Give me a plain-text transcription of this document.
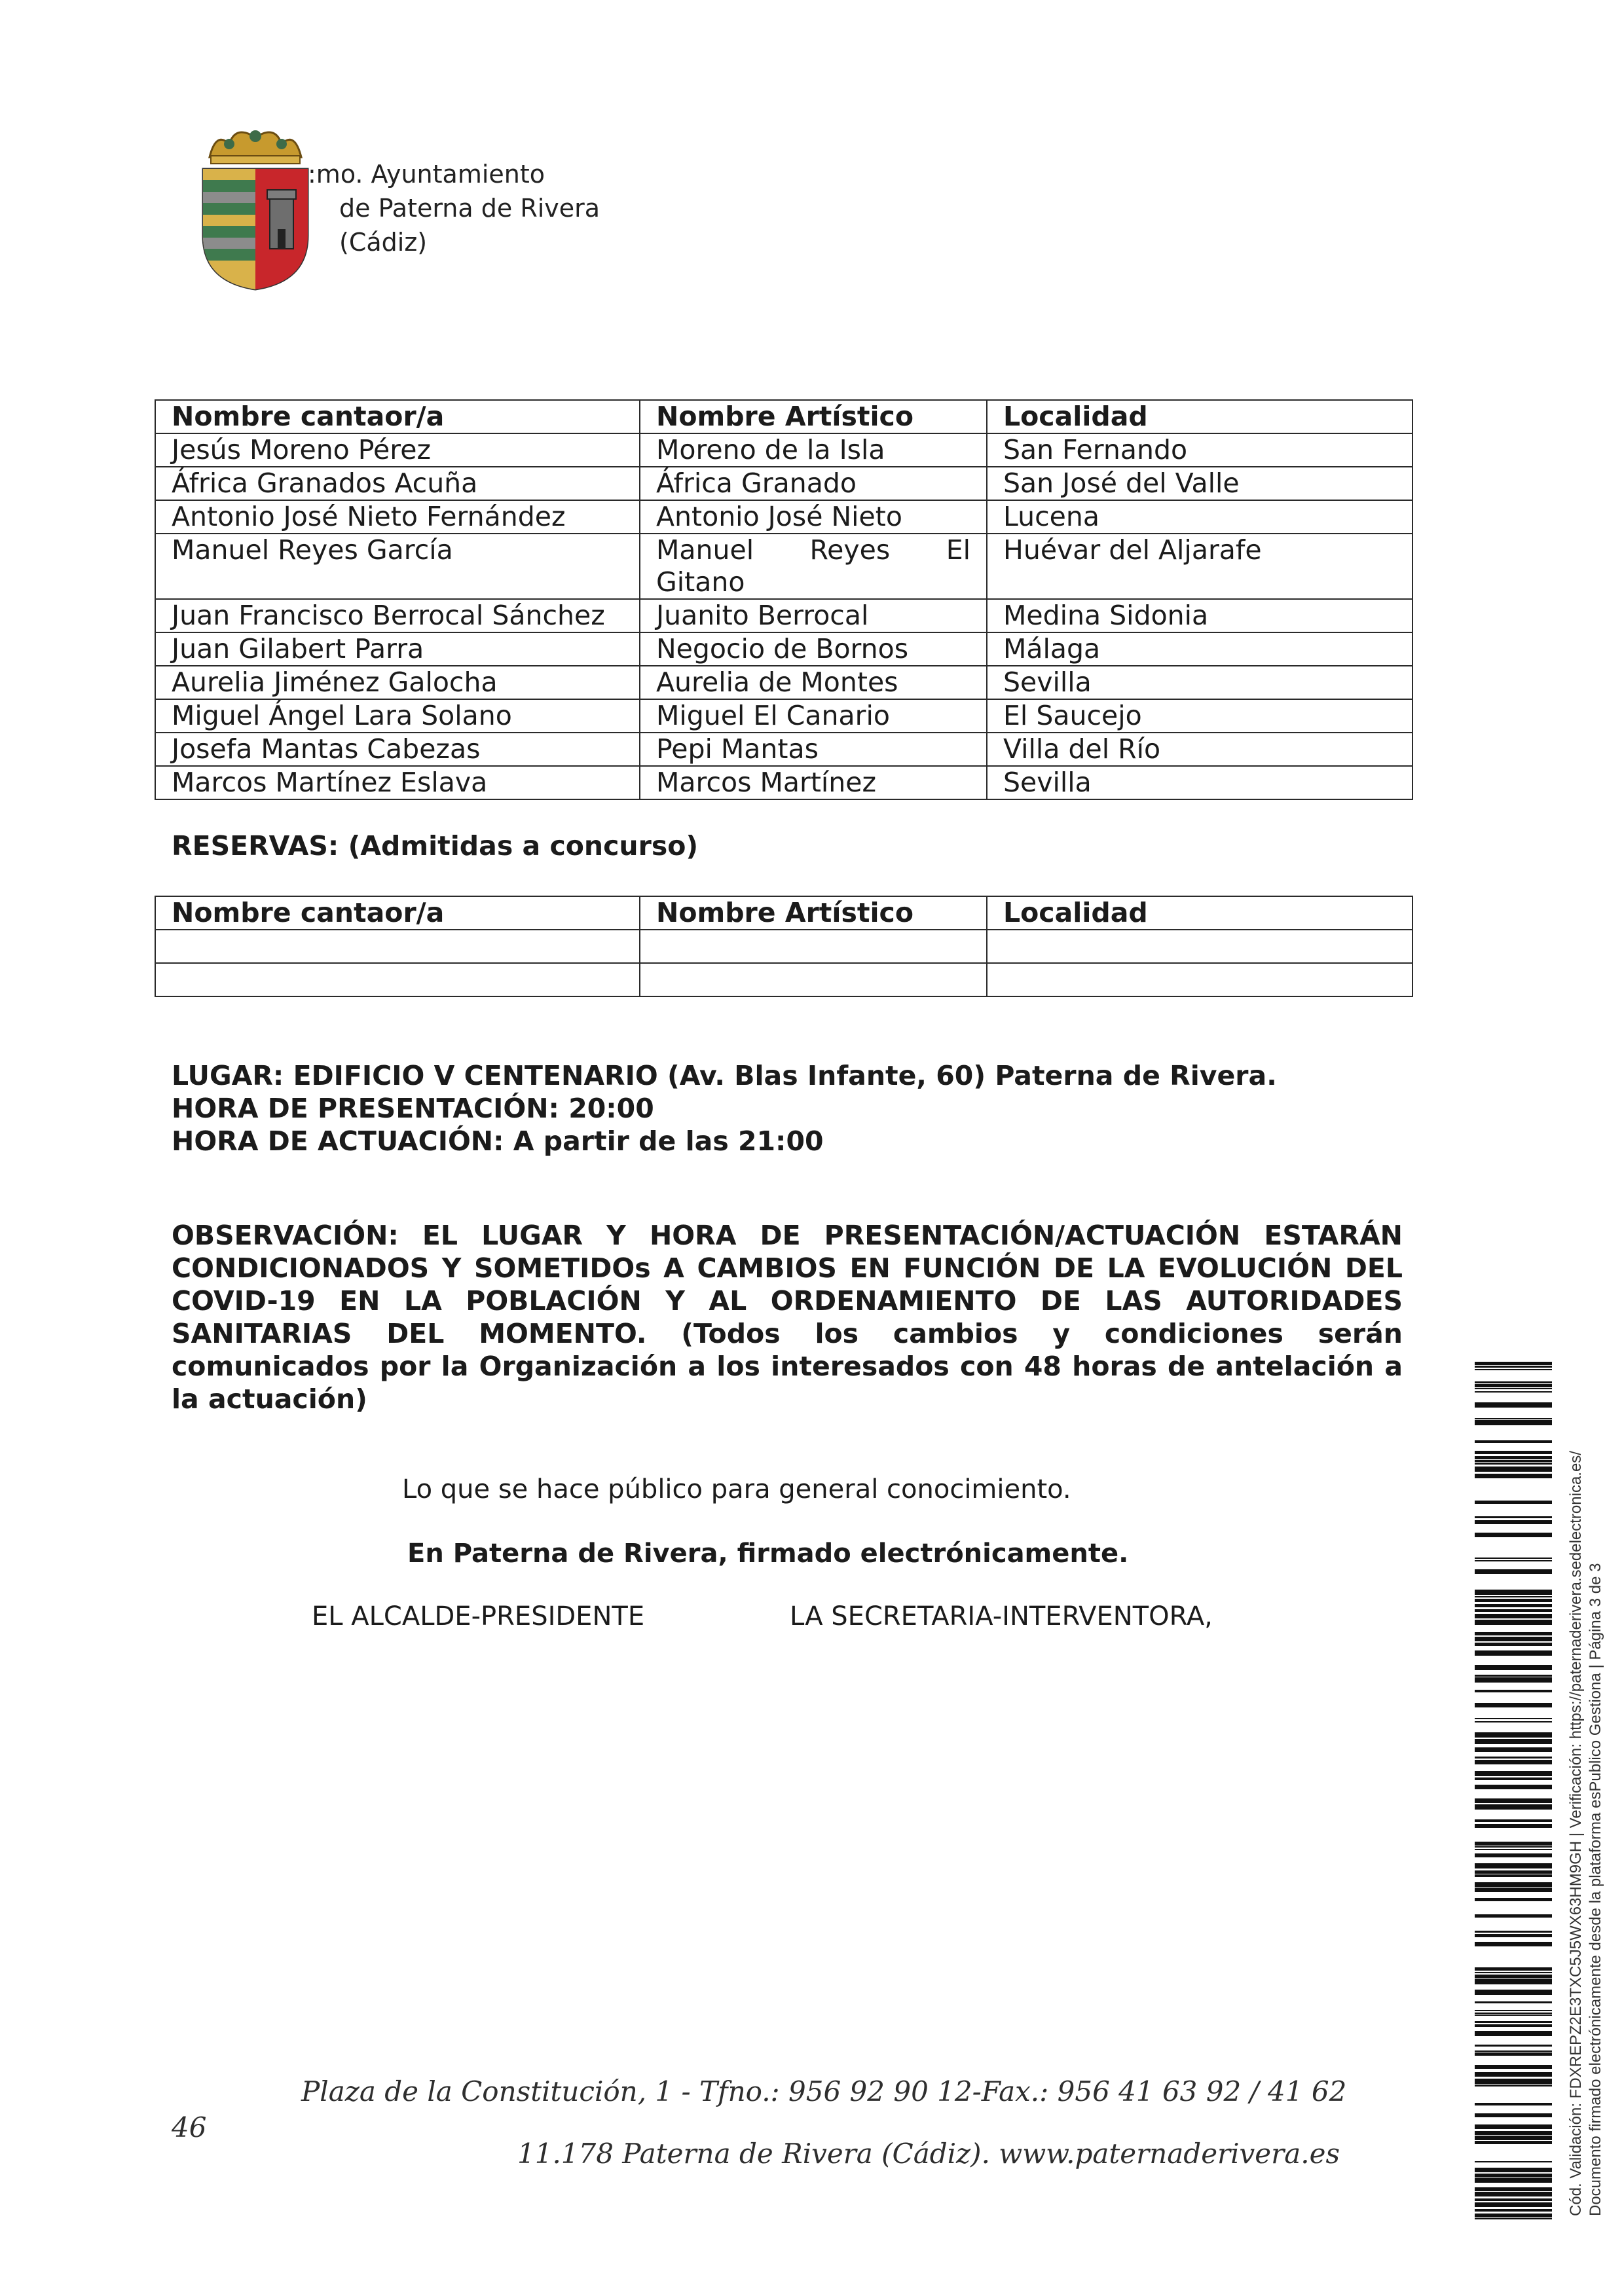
:mo. Ayuntamiento
de Paterna de Rivera
(Cádiz)
Nombre cantaor/a	Nombre Artístico	Localidad
Jesús Moreno Pérez	Moreno de la Isla	San Fernando
África Granados Acuña	África Granado	San José del Valle
Antonio José Nieto Fernández	Antonio José Nieto	Lucena
Manuel Reyes García	Manuel Reyes El Gitano	Huévar del Aljarafe
Juan Francisco Berrocal Sánchez	Juanito Berrocal	Medina Sidonia
Juan Gilabert Parra	Negocio de Bornos	Málaga
Aurelia Jiménez Galocha	Aurelia de Montes	Sevilla
Miguel Ángel Lara Solano	Miguel El Canario	El Saucejo
Josefa Mantas Cabezas	Pepi Mantas	Villa del Río
Marcos Martínez Eslava	Marcos Martínez	Sevilla
RESERVAS: (Admitidas a concurso)
Nombre cantaor/a	Nombre Artístico	Localidad

LUGAR: EDIFICIO V CENTENARIO (Av. Blas Infante, 60) Paterna de Rivera.
HORA DE PRESENTACIÓN: 20:00
HORA DE ACTUACIÓN: A partir de las 21:00
OBSERVACIÓN: EL LUGAR Y HORA DE PRESENTACIÓN/ACTUACIÓN ESTARÁN CONDICIONADOS Y SOMETIDOs A CAMBIOS EN FUNCIÓN DE LA EVOLUCIÓN DEL COVID-19 EN LA POBLACIÓN Y AL ORDENAMIENTO DE LAS AUTORIDADES SANITARIAS DEL MOMENTO. (Todos los cambios y condiciones serán comunicados por la Organización a los interesados con 48 horas de antelación a la actuación)
Lo que se hace público para general conocimiento.
En Paterna de Rivera, firmado electrónicamente.
EL ALCALDE-PRESIDENTE	LA SECRETARIA-INTERVENTORA,
46
Plaza de la Constitución, 1 - Tfno.: 956 92 90 12-Fax.: 956 41 63 92 / 41 62
11.178 Paterna de Rivera (Cádiz). www.paternaderivera.es	Cód. Validación: FDXREPZ2E3TXC5J5WX63HM9GH | Verificación: https://paternaderivera.sedelectronica.es/ Documento firmado electrónicamente desde la plataforma esPublico Gestiona | Página 3 de 3
